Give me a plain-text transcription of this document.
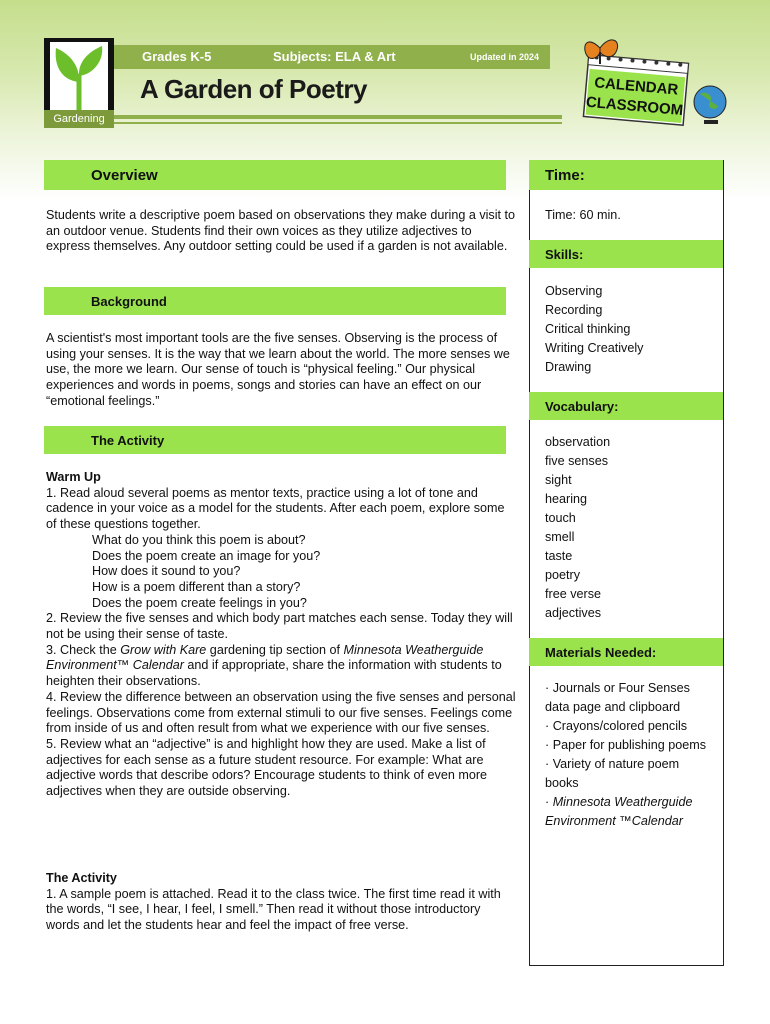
Gardening
Grades K-5	Subjects: ELA & Art	Updated in 2024
A Garden of Poetry	CALENDAR
CLASSROOM
Overview
Students write a descriptive poem based on observations they make during a visit to an outdoor venue. Students find their own voices as they utilize adjectives to express themselves. Any outdoor setting could be used if a garden is not available.
Background
A scientist's most important tools are the five senses. Observing is the process of using your senses. It is the way that we learn about the world. The more senses we use, the more we learn. Our sense of touch is “physical feeling.” Our physical experiences and words in poems, songs and stories can have an effect on our “emotional feelings.”
The Activity

Warm Up

1. Read aloud several poems as mentor texts, practice using a lot of tone and cadence in your voice as a model for the students. After each poem, explore some of these questions together.

What do you think this poem is about?

Does the poem create an image for you?

How does it sound to you?

How is a poem different than a story?

Does the poem create feelings in you?

2. Review the five senses and which body part matches each sense. Today they will not be using their sense of taste.

3. Check the Grow with Kare gardening tip section of Minnesota Weatherguide Environment™ Calendar and if appropriate, share the information with students to heighten their observations.

4. Review the difference between an observation using the five senses and personal feelings. Observations come from external stimuli to our five senses. Feelings come from inside of us and often result from what we experience with our five senses.

5. Review what an “adjective” is and highlight how they are used. Make a list of adjectives for each sense as a future student resource. For example: What are adjective words that describe odors? Encourage students to think of even more adjectives when they are outside observing.

The Activity

1. A sample poem is attached. Read it to the class twice. The first time read it with the words, “I see, I hear, I feel, I smell.” Then read it without those introductory words and let the students hear and feel the impact of free verse.

Time:
Time: 60 min.
Skills:
Observing
Recording
Critical thinking
Writing Creatively
Drawing
Vocabulary:
observation
five senses
sight
hearing
touch
smell
taste
poetry
free verse
adjectives
Materials Needed:
· Journals or Four Senses data page and clipboard
· Crayons/colored pencils
· Paper for publishing poems
· Variety of nature poem books
· Minnesota Weatherguide Environment ™Calendar
